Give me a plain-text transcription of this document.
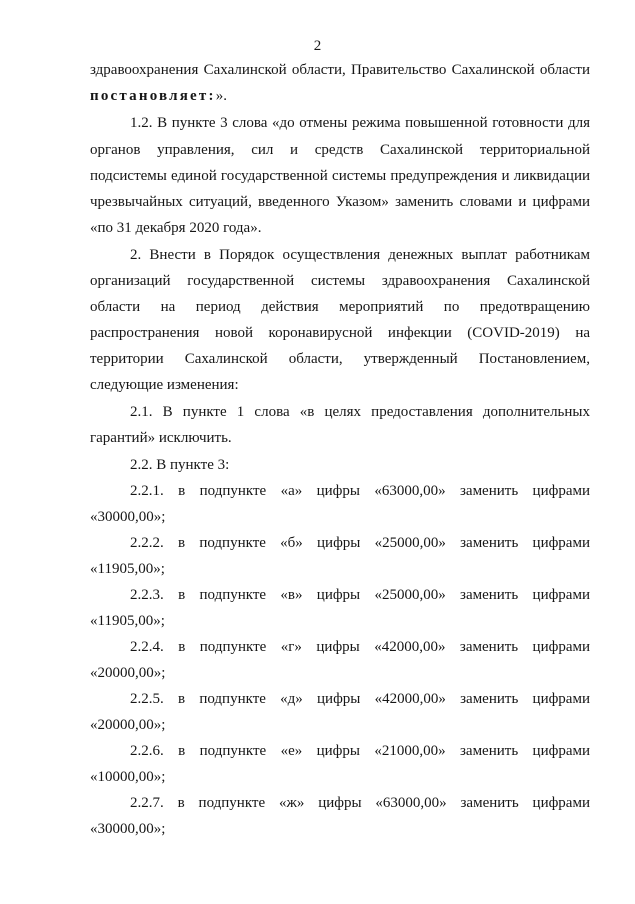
2
здравоохранения Сахалинской области, Правительство Сахалинской области
постановляет:».
1.2. В пункте 3 слова «до отмены режима повышенной готовности для
органов управления, сил и средств Сахалинской территориальной
подсистемы единой государственной системы предупреждения и ликвидации
чрезвычайных ситуаций, введенного Указом» заменить словами и цифрами
«по 31 декабря 2020 года».
2. Внести в Порядок осуществления денежных выплат работникам
организаций государственной системы здравоохранения Сахалинской
области на период действия мероприятий по предотвращению
распространения новой коронавирусной инфекции (COVID-2019) на
территории Сахалинской области, утвержденный Постановлением,
следующие изменения:
2.1. В пункте 1 слова «в целях предоставления дополнительных
гарантий» исключить.
2.2. В пункте 3:
2.2.1. в подпункте «а» цифры «63000,00» заменить цифрами
«30000,00»;
2.2.2. в подпункте «б» цифры «25000,00» заменить цифрами
«11905,00»;
2.2.3. в подпункте «в» цифры «25000,00» заменить цифрами
«11905,00»;
2.2.4. в подпункте «г» цифры «42000,00» заменить цифрами
«20000,00»;
2.2.5. в подпункте «д» цифры «42000,00» заменить цифрами
«20000,00»;
2.2.6. в подпункте «е» цифры «21000,00» заменить цифрами
«10000,00»;
2.2.7. в подпункте «ж» цифры «63000,00» заменить цифрами
«30000,00»;
